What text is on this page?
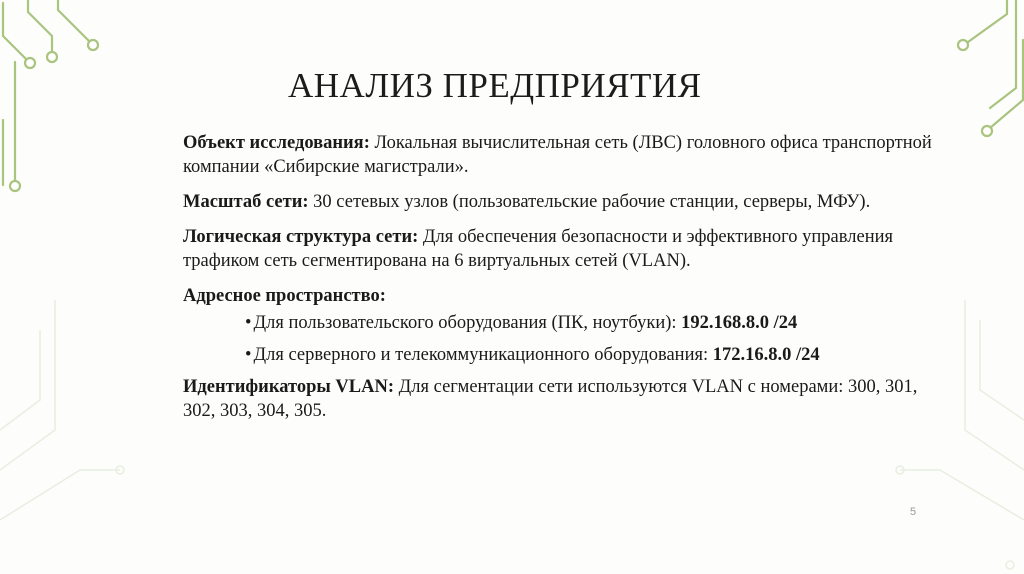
АНАЛИЗ ПРЕДПРИЯТИЯ

Объект исследования: Локальная вычислительная сеть (ЛВС) головного офиса транспортной компании «Сибирские магистрали».

Масштаб сети: 30 сетевых узлов (пользовательские рабочие станции, серверы, МФУ).

Логическая структура сети: Для обеспечения безопасности и эффективного управления трафиком сеть сегментирована на 6 виртуальных сетей (VLAN).

Адресное пространство:

• Для пользовательского оборудования (ПК, ноутбуки): 192.168.8.0 /24
• Для серверного и телекоммуникационного оборудования: 172.16.8.0 /24

Идентификаторы VLAN: Для сегментации сети используются VLAN с номерами: 300, 301, 302, 303, 304, 305.

5
